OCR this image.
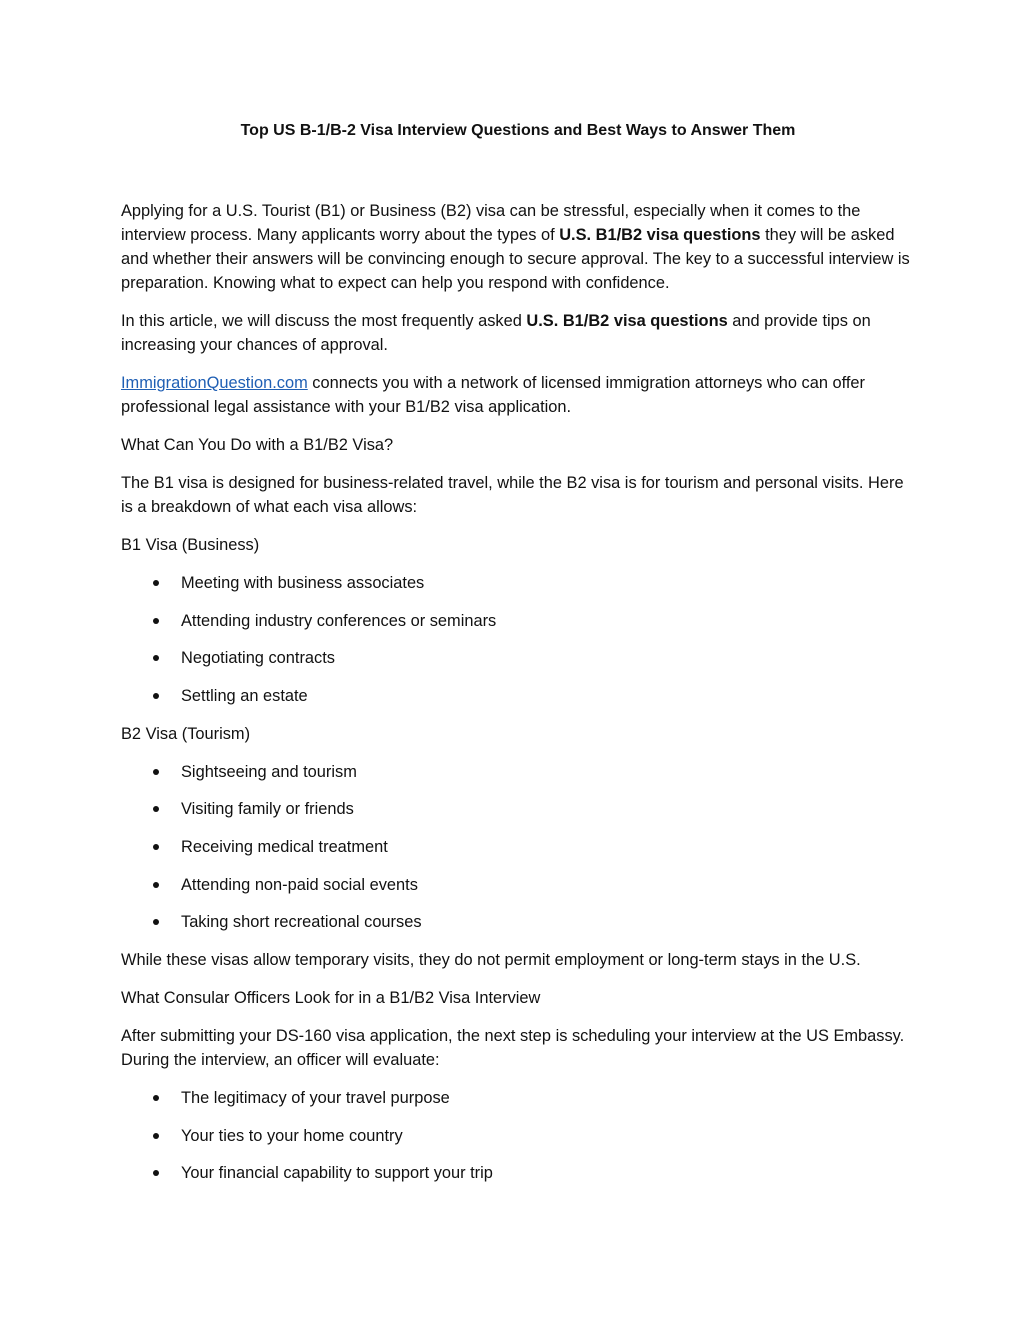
Top US B-1/B-2 Visa Interview Questions and Best Ways to Answer Them

Applying for a U.S. Tourist (B1) or Business (B2) visa can be stressful, especially when it comes to the interview process. Many applicants worry about the types of U.S. B1/B2 visa questions they will be asked and whether their answers will be convincing enough to secure approval. The key to a successful interview is preparation. Knowing what to expect can help you respond with confidence.

In this article, we will discuss the most frequently asked U.S. B1/B2 visa questions and provide tips on increasing your chances of approval.

ImmigrationQuestion.com connects you with a network of licensed immigration attorneys who can offer professional legal assistance with your B1/B2 visa application.

What Can You Do with a B1/B2 Visa?

The B1 visa is designed for business-related travel, while the B2 visa is for tourism and personal visits. Here is a breakdown of what each visa allows:

B1 Visa (Business)

Meeting with business associates
Attending industry conferences or seminars
Negotiating contracts
Settling an estate

B2 Visa (Tourism)

Sightseeing and tourism
Visiting family or friends
Receiving medical treatment
Attending non-paid social events
Taking short recreational courses

While these visas allow temporary visits, they do not permit employment or long-term stays in the U.S.

What Consular Officers Look for in a B1/B2 Visa Interview

After submitting your DS-160 visa application, the next step is scheduling your interview at the US Embassy. During the interview, an officer will evaluate:

The legitimacy of your travel purpose
Your ties to your home country
Your financial capability to support your trip
